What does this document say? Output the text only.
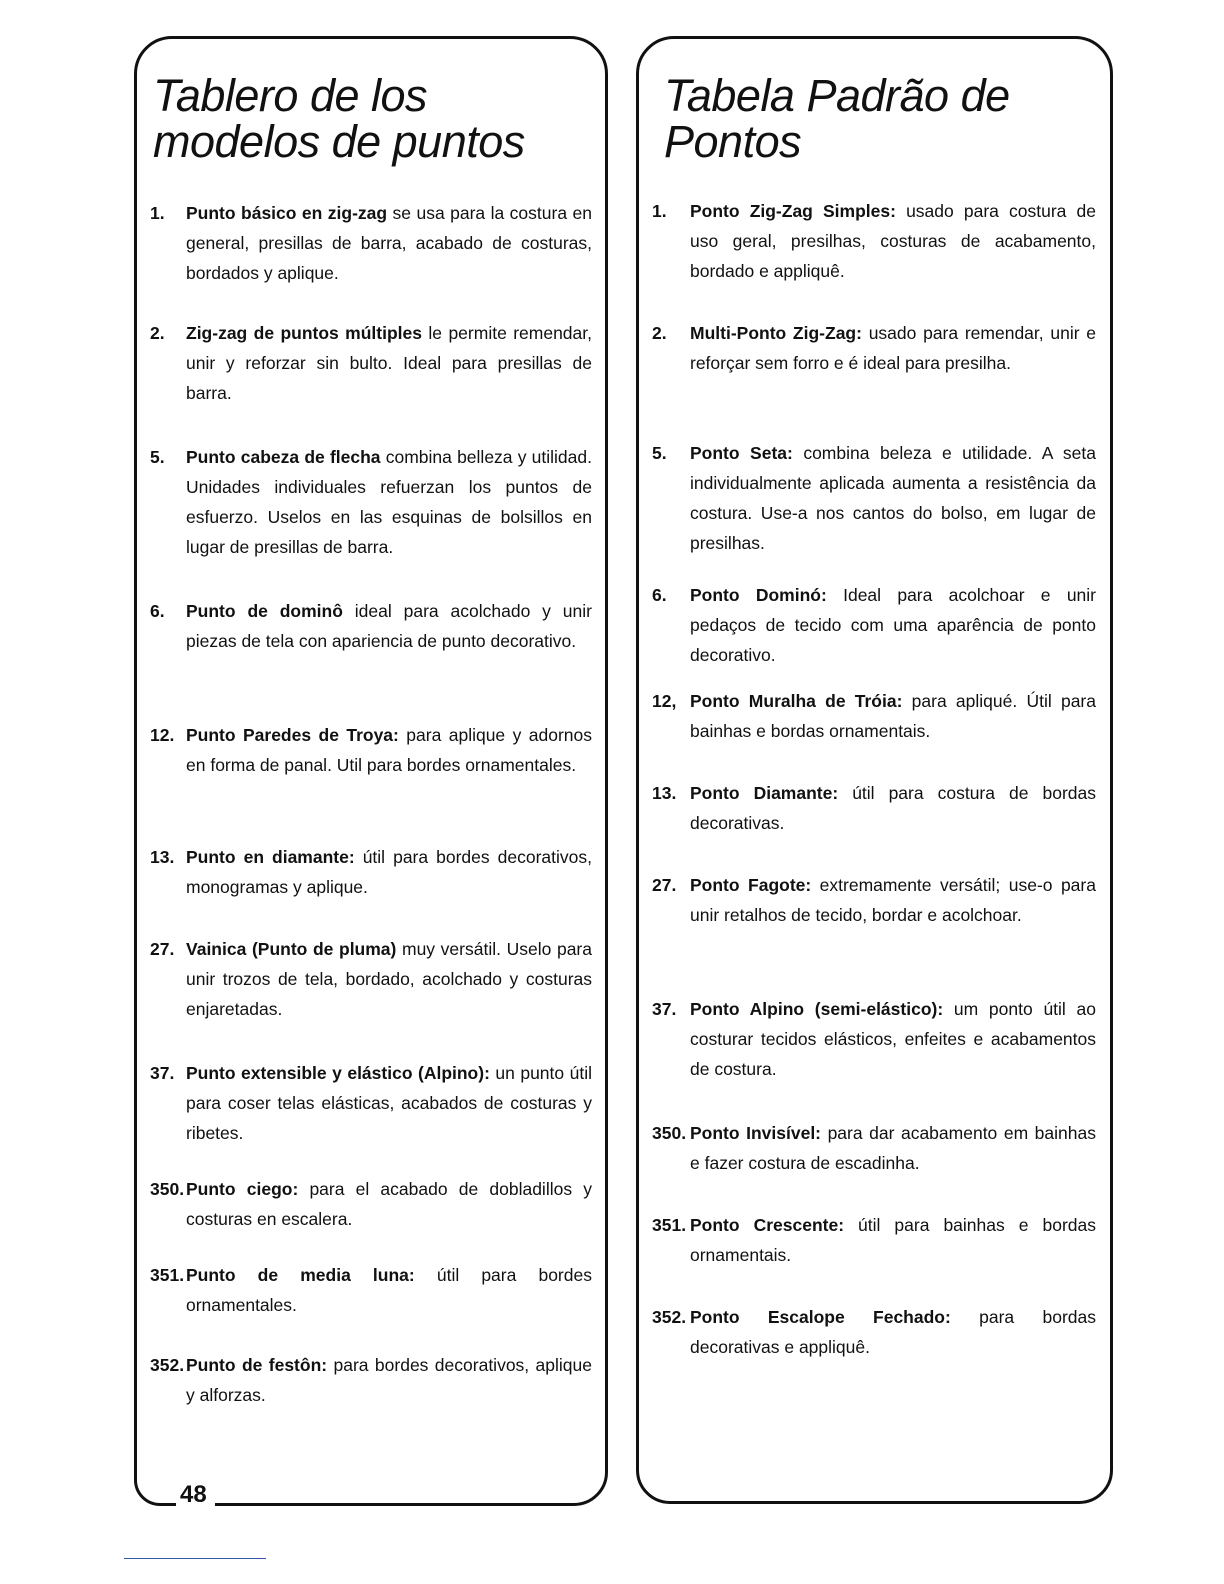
Tablero de los modelos de puntos
Tabela Padrão de Pontos
1. Punto básico en zig-zag se usa para la costura en general, presillas de barra, acabado de costuras, bordados y aplique.
2. Zig-zag de puntos múltiples le permite remendar, unir y reforzar sin bulto. Ideal para presillas de barra.
5. Punto cabeza de flecha combina belleza y utilidad. Unidades individuales refuerzan los puntos de esfuerzo. Uselos en las esquinas de bolsillos en lugar de presillas de barra.
6. Punto de dominô ideal para acolchado y unir piezas de tela con apariencia de punto decorativo.
12. Punto Paredes de Troya: para aplique y adornos en forma de panal. Util para bordes ornamentales.
13. Punto en diamante: útil para bordes decorativos, monogramas y aplique.
27. Vainica (Punto de pluma) muy versátil. Uselo para unir trozos de tela, bordado, acolchado y costuras enjaretadas.
37. Punto extensible y elástico (Alpino): un punto útil para coser telas elásticas, acabados de costuras y ribetes.
350. Punto ciego: para el acabado de dobladillos y costuras en escalera.
351. Punto de media luna: útil para bordes ornamentales.
352. Punto de festôn: para bordes decorativos, aplique y alforzas.
1. Ponto Zig-Zag Simples: usado para costura de uso geral, presilhas, costuras de acabamento, bordado e appliquê.
2. Multi-Ponto Zig-Zag: usado para remendar, unir e reforçar sem forro e é ideal para presilha.
5. Ponto Seta: combina beleza e utilidade. A seta individualmente aplicada aumenta a resistência da costura. Use-a nos cantos do bolso, em lugar de presilhas.
6. Ponto Dominó: Ideal para acolchoar e unir pedaços de tecido com uma aparência de ponto decorativo.
12, Ponto Muralha de Tróia: para apliqué. Útil para bainhas e bordas ornamentais.
13. Ponto Diamante: útil para costura de bordas decorativas.
27. Ponto Fagote: extremamente versátil; use-o para unir retalhos de tecido, bordar e acolchoar.
37. Ponto Alpino (semi-elástico): um ponto útil ao costurar tecidos elásticos, enfeites e acabamentos de costura.
350. Ponto Invisível: para dar acabamento em bainhas e fazer costura de escadinha.
351. Ponto Crescente: útil para bainhas e bordas ornamentais.
352. Ponto Escalope Fechado: para bordas decorativas e appliquê.
48
